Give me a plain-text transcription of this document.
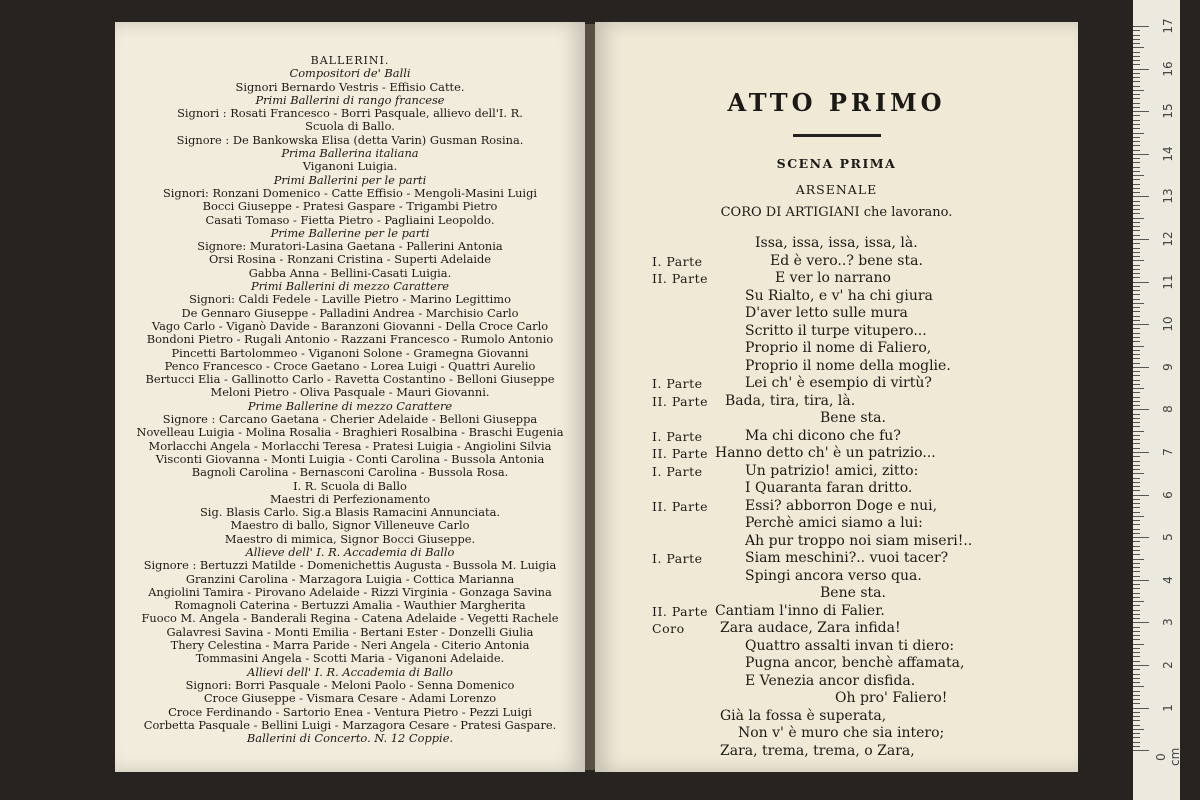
BALLERINI.
Compositori de' Balli
Signori Bernardo Vestris - Effisio Catte.
Primi Ballerini di rango francese
Signori : Rosati Francesco - Borri Pasquale, allievo dell'I. R.
Scuola di Ballo.
Signore : De Bankowska Elisa (detta Varin) Gusman Rosina.
Prima Ballerina italiana
Viganoni Luigia.
Primi Ballerini per le parti
Signori: Ronzani Domenico - Catte Effisio - Mengoli-Masini Luigi
Bocci Giuseppe - Pratesi Gaspare - Trigambi Pietro
Casati Tomaso - Fietta Pietro - Pagliaini Leopoldo.
Prime Ballerine per le parti
Signore: Muratori-Lasina Gaetana - Pallerini Antonia
Orsi Rosina - Ronzani Cristina - Superti Adelaide
Gabba Anna - Bellini-Casati Luigia.
Primi Ballerini di mezzo Carattere
Signori: Caldi Fedele - Laville Pietro - Marino Legittimo
De Gennaro Giuseppe - Palladini Andrea - Marchisio Carlo
Vago Carlo - Viganò Davide - Baranzoni Giovanni - Della Croce Carlo
Bondoni Pietro - Rugali Antonio - Razzani Francesco - Rumolo Antonio
Pincetti Bartolommeo - Viganoni Solone - Gramegna Giovanni
Penco Francesco - Croce Gaetano - Lorea Luigi - Quattri Aurelio
Bertucci Elia - Gallinotto Carlo - Ravetta Costantino - Belloni Giuseppe
Meloni Pietro - Oliva Pasquale - Mauri Giovanni.
Prime Ballerine di mezzo Carattere
Signore : Carcano Gaetana - Cherier Adelaide - Belloni Giuseppa
Novelleau Luigia - Molina Rosalia - Braghieri Rosalbina - Braschi Eugenia
Morlacchi Angela - Morlacchi Teresa - Pratesi Luigia - Angiolini Silvia
Visconti Giovanna - Monti Luigia - Conti Carolina - Bussola Antonia
Bagnoli Carolina - Bernasconi Carolina - Bussola Rosa.
I. R. Scuola di Ballo
Maestri di Perfezionamento
Sig. Blasis Carlo. Sig.a Blasis Ramacini Annunciata.
Maestro di ballo, Signor Villeneuve Carlo
Maestro di mimica, Signor Bocci Giuseppe.
Allieve dell' I. R. Accademia di Ballo
Signore : Bertuzzi Matilde - Domenichettis Augusta - Bussola M. Luigia
Granzini Carolina - Marzagora Luigia - Cottica Marianna
Angiolini Tamira - Pirovano Adelaide - Rizzi Virginia - Gonzaga Savina
Romagnoli Caterina - Bertuzzi Amalia - Wauthier Margherita
Fuoco M. Angela - Banderali Regina - Catena Adelaide - Vegetti Rachele
Galavresi Savina - Monti Emilia - Bertani Ester - Donzelli Giulia
Thery Celestina - Marra Paride - Neri Angela - Citerio Antonia
Tommasini Angela - Scotti Maria - Viganoni Adelaide.
Allievi dell' I. R. Accademia di Ballo
Signori: Borri Pasquale - Meloni Paolo - Senna Domenico
Croce Giuseppe - Vismara Cesare - Adami Lorenzo
Croce Ferdinando - Sartorio Enea - Ventura Pietro - Pezzi Luigi
Corbetta Pasquale - Bellini Luigi - Marzagora Cesare - Pratesi Gaspare.
Ballerini di Concerto. N. 12 Coppie.
ATTO PRIMO
SCENA PRIMA
ARSENALE
CORO DI ARTIGIANI che lavorano.
Issa, issa, issa, issa, là.
I. Parte	Ed è vero..? bene sta.
II. Parte	E ver lo narrano
Su Rialto, e v' ha chi giura
D'aver letto sulle mura
Scritto il turpe vitupero...
Proprio il nome di Faliero,
Proprio il nome della moglie.
I. Parte	Lei ch' è esempio di virtù?
II. Parte Bada, tira, tira, là.
Bene sta.
I. Parte	Ma chi dicono che fu?
II. Parte Hanno detto ch' è un patrizio...
I. Parte	Un patrizio! amici, zitto:
I Quaranta faran dritto.
II. Parte	Essi? abborron Doge e nui,
Perchè amici siamo a lui:
Ah pur troppo noi siam miseri!..
I. Parte	Siam meschini?.. vuoi tacer?
Spingi ancora verso qua.
Bene sta.
II. Parte Cantiam l'inno di Falier.
Coro	Zara audace, Zara infida!
Quattro assalti invan ti diero:
Pugna ancor, benchè affamata,
E Venezia ancor disfida.
Oh pro' Faliero!
Già la fossa è superata,
Non v' è muro che sia intero;
Zara, trema, trema, o Zara,
17
16
15
14
13
12
11
10
9
8
7
6
5
4
3
2
1
0 cm
